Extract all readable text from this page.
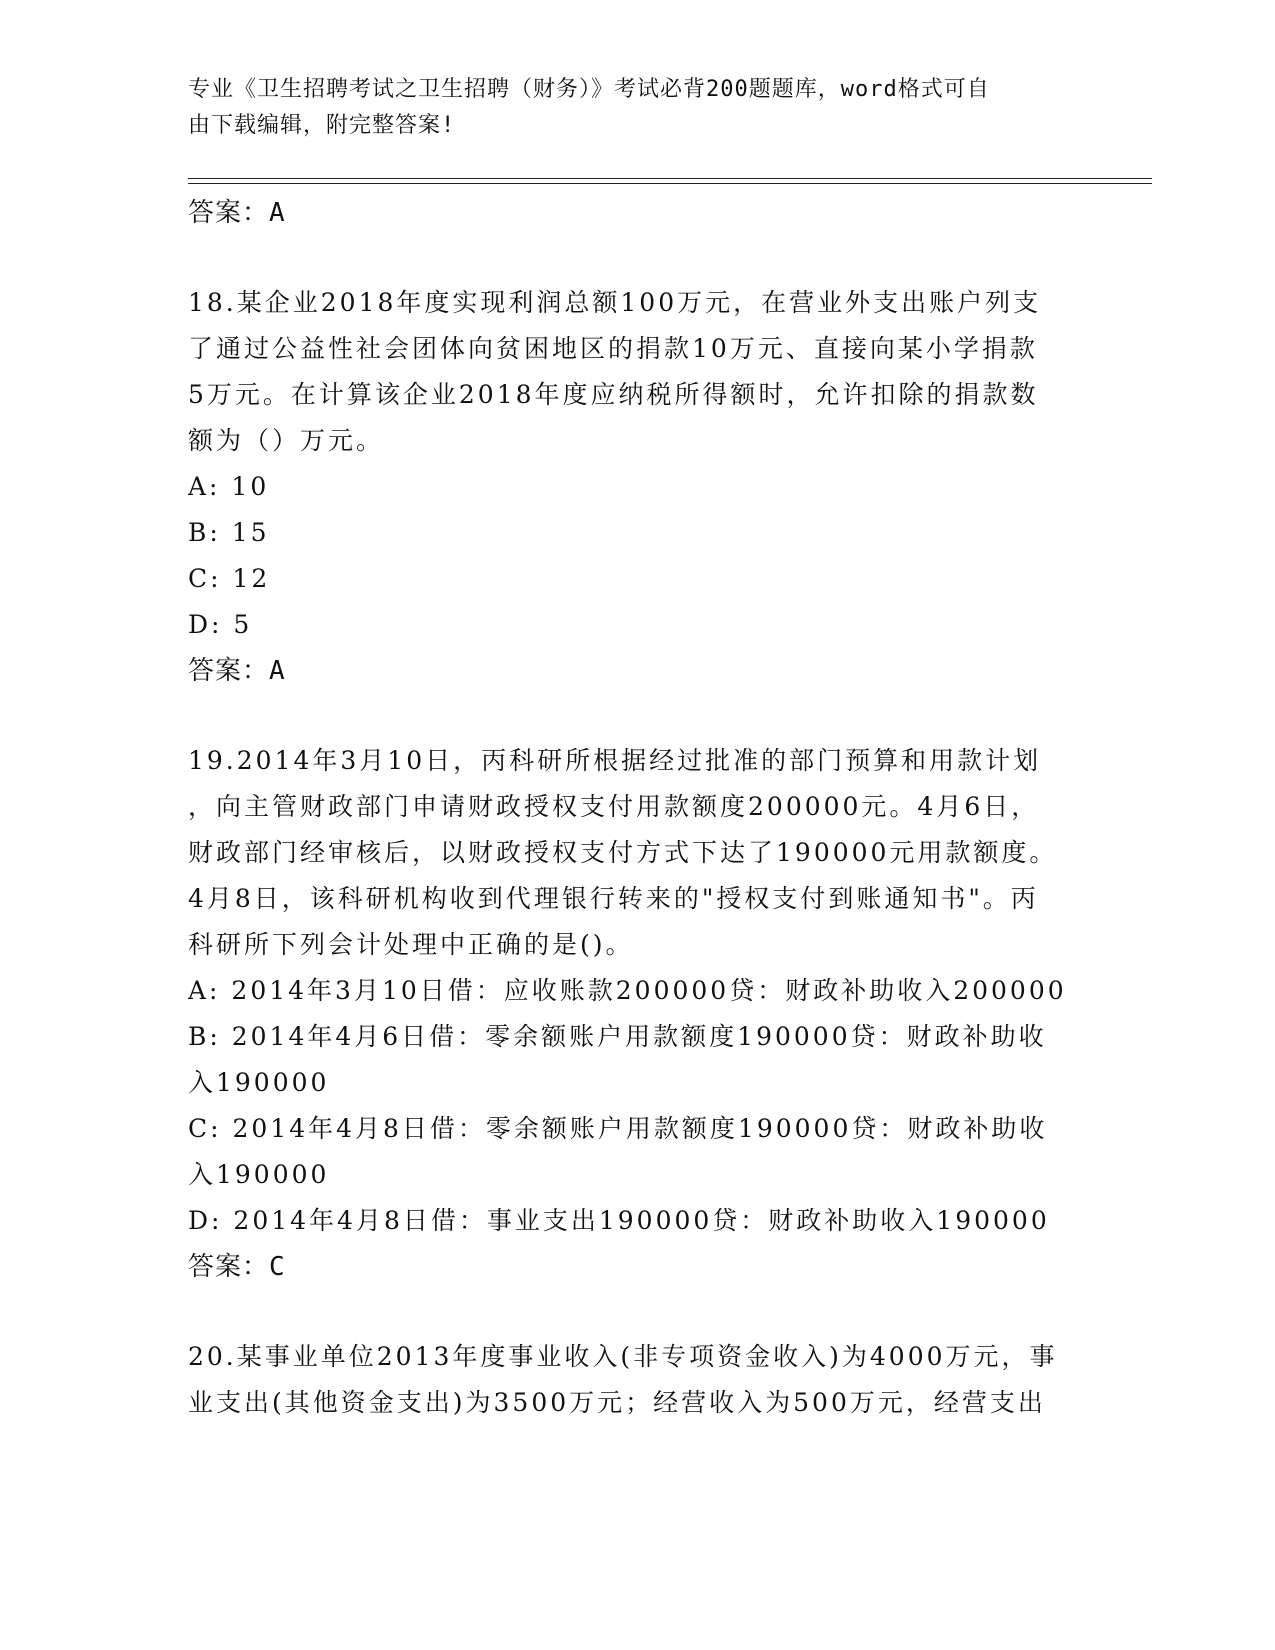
专业《卫生招聘考试之卫生招聘（财务）》考试必背200题题库，word格式可自
由下载编辑，附完整答案!
答案：A
18.某企业2018年度实现利润总额100万元，在营业外支出账户列支
了通过公益性社会团体向贫困地区的捐款10万元、直接向某小学捐款
5万元。在计算该企业2018年度应纳税所得额时，允许扣除的捐款数
额为（）万元。
A: 10
B: 15
C: 12
D: 5
答案：A
19.2014年3月10日，丙科研所根据经过批准的部门预算和用款计划
，向主管财政部门申请财政授权支付用款额度200000元。4月6日，
财政部门经审核后，以财政授权支付方式下达了190000元用款额度。
4月8日，该科研机构收到代理银行转来的"授权支付到账通知书"。丙
科研所下列会计处理中正确的是()。
A: 2014年3月10日借：应收账款200000贷：财政补助收入200000
B: 2014年4月6日借：零余额账户用款额度190000贷：财政补助收
入190000
C: 2014年4月8日借：零余额账户用款额度190000贷：财政补助收
入190000
D: 2014年4月8日借：事业支出190000贷：财政补助收入190000
答案：C
20.某事业单位2013年度事业收入(非专项资金收入)为4000万元，事
业支出(其他资金支出)为3500万元；经营收入为500万元，经营支出
